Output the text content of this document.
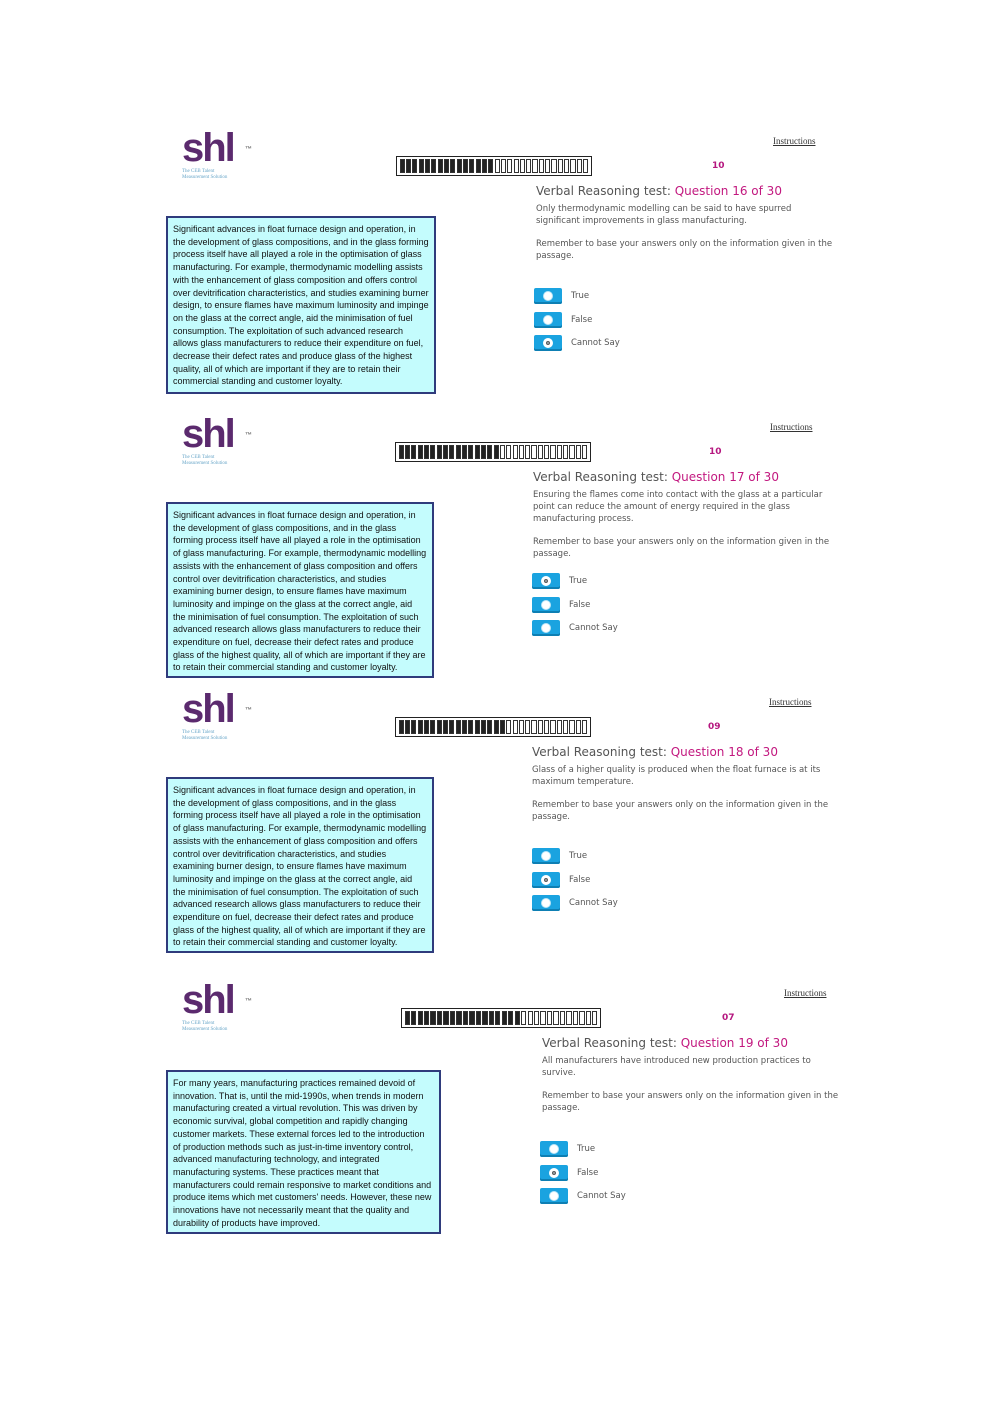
shl ™
The CEB Talent
Measurement Solution
Instructions
10
Verbal Reasoning test: Question 16 of 30
Only thermodynamic modelling can be said to have spurred significant improvements in glass manufacturing.
Remember to base your answers only on the information given in the passage.
True
False
Cannot Say
Significant advances in float furnace design and operation, in the development of glass compositions, and in the glass forming process itself have all played a role in the optimisation of glass manufacturing. For example, thermodynamic modelling assists with the enhancement of glass composition and offers control over devitrification characteristics, and studies examining burner design, to ensure flames have maximum luminosity and impinge on the glass at the correct angle, aid the minimisation of fuel consumption. The exploitation of such advanced research allows glass manufacturers to reduce their expenditure on fuel, decrease their defect rates and produce glass of the highest quality, all of which are important if they are to retain their commercial standing and customer loyalty.
shl ™
The CEB Talent
Measurement Solution
Instructions
10
Verbal Reasoning test: Question 17 of 30
Ensuring the flames come into contact with the glass at a particular point can reduce the amount of energy required in the glass manufacturing process.
Remember to base your answers only on the information given in the passage.
True
False
Cannot Say
Significant advances in float furnace design and operation, in the development of glass compositions, and in the glass forming process itself have all played a role in the optimisation of glass manufacturing. For example, thermodynamic modelling assists with the enhancement of glass composition and offers control over devitrification characteristics, and studies examining burner design, to ensure flames have maximum luminosity and impinge on the glass at the correct angle, aid the minimisation of fuel consumption. The exploitation of such advanced research allows glass manufacturers to reduce their expenditure on fuel, decrease their defect rates and produce glass of the highest quality, all of which are important if they are to retain their commercial standing and customer loyalty.
shl ™
The CEB Talent
Measurement Solution
Instructions
09
Verbal Reasoning test: Question 18 of 30
Glass of a higher quality is produced when the float furnace is at its maximum temperature.
Remember to base your answers only on the information given in the passage.
True
False
Cannot Say
Significant advances in float furnace design and operation, in the development of glass compositions, and in the glass forming process itself have all played a role in the optimisation of glass manufacturing. For example, thermodynamic modelling assists with the enhancement of glass composition and offers control over devitrification characteristics, and studies examining burner design, to ensure flames have maximum luminosity and impinge on the glass at the correct angle, aid the minimisation of fuel consumption. The exploitation of such advanced research allows glass manufacturers to reduce their expenditure on fuel, decrease their defect rates and produce glass of the highest quality, all of which are important if they are to retain their commercial standing and customer loyalty.
shl ™
The CEB Talent
Measurement Solution
Instructions
07
Verbal Reasoning test: Question 19 of 30
All manufacturers have introduced new production practices to survive.
Remember to base your answers only on the information given in the passage.
True
False
Cannot Say
For many years, manufacturing practices remained devoid of innovation. That is, until the mid-1990s, when trends in modern manufacturing created a virtual revolution. This was driven by economic survival, global competition and rapidly changing customer markets. These external forces led to the introduction of production methods such as just-in-time inventory control, advanced manufacturing technology, and integrated manufacturing systems. These practices meant that manufacturers could remain responsive to market conditions and produce items which met customers' needs. However, these new innovations have not necessarily meant that the quality and durability of products have improved.
